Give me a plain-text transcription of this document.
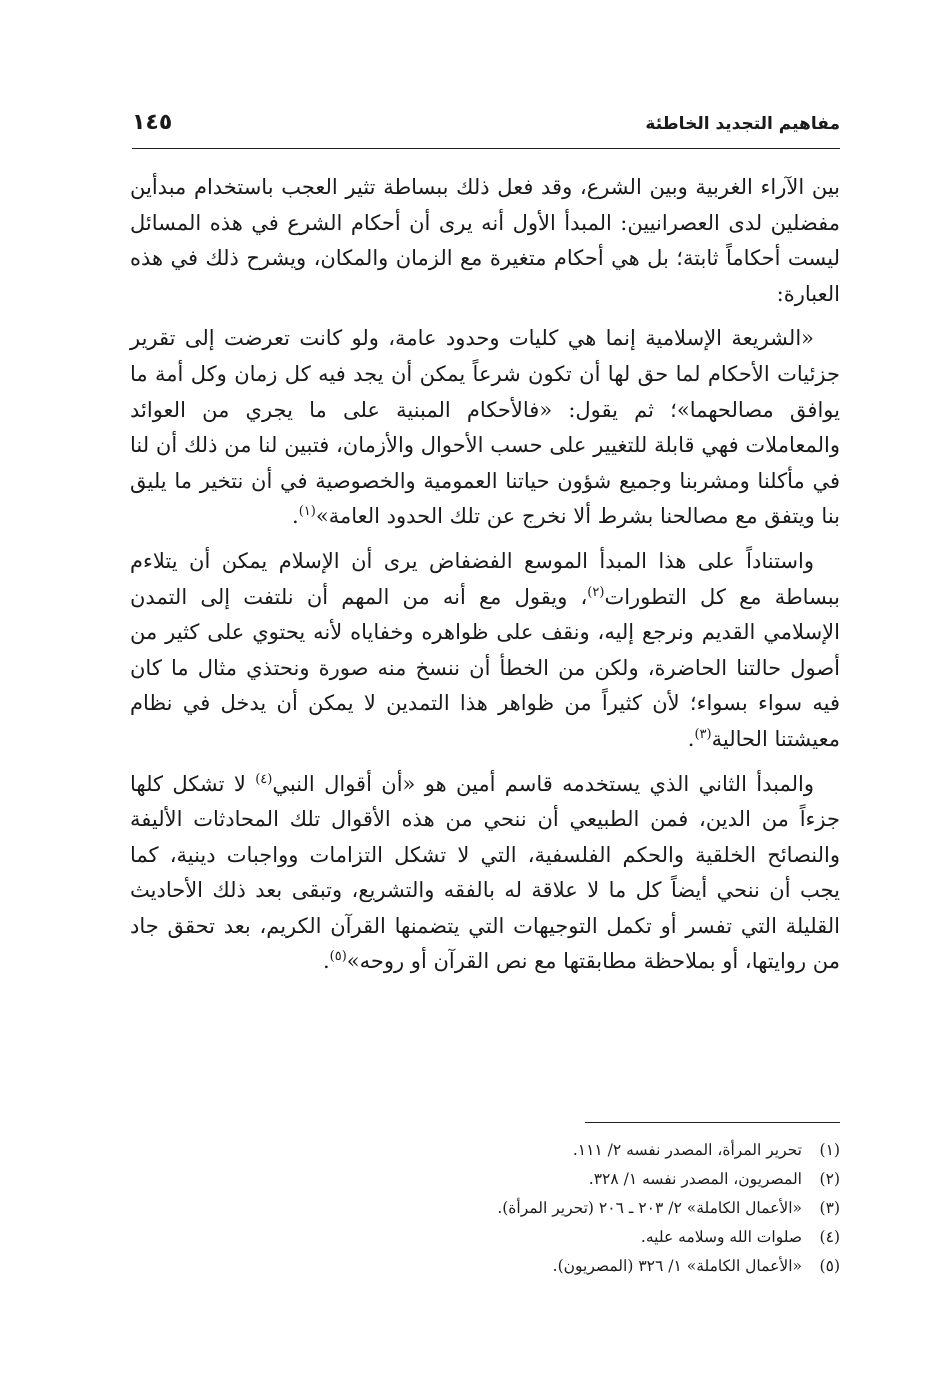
مفاهيم التجديد الخاطئة
١٤٥

بين الآراء الغربية وبين الشرع، وقد فعل ذلك ببساطة تثير العجب باستخدام مبدأين مفضلين لدى العصرانيين: المبدأ الأول أنه يرى أن أحكام الشرع في هذه المسائل ليست أحكاماً ثابتة؛ بل هي أحكام متغيرة مع الزمان والمكان، ويشرح ذلك في هذه العبارة:

«الشريعة الإسلامية إنما هي كليات وحدود عامة، ولو كانت تعرضت إلى تقرير جزئيات الأحكام لما حق لها أن تكون شرعاً يمكن أن يجد فيه كل زمان وكل أمة ما يوافق مصالحهما»؛ ثم يقول: «فالأحكام المبنية على ما يجري من العوائد والمعاملات فهي قابلة للتغيير على حسب الأحوال والأزمان، فتبين لنا من ذلك أن لنا في مأكلنا ومشربنا وجميع شؤون حياتنا العمومية والخصوصية في أن نتخير ما يليق بنا ويتفق مع مصالحنا بشرط ألا نخرج عن تلك الحدود العامة»$^{(١)}$.

واستناداً على هذا المبدأ الموسع الفضفاض يرى أن الإسلام يمكن أن يتلاءم ببساطة مع كل التطورات$^{(٢)}$، ويقول مع أنه من المهم أن نلتفت إلى التمدن الإسلامي القديم ونرجع إليه، ونقف على ظواهره وخفاياه لأنه يحتوي على كثير من أصول حالتنا الحاضرة، ولكن من الخطأ أن ننسخ منه صورة ونحتذي مثال ما كان فيه سواء بسواء؛ لأن كثيراً من ظواهر هذا التمدين لا يمكن أن يدخل في نظام معيشتنا الحالية$^{(٣)}$.

والمبدأ الثاني الذي يستخدمه قاسم أمين هو «أن أقوال النبي$^{(٤)}$ لا تشكل كلها جزءاً من الدين، فمن الطبيعي أن ننحي من هذه الأقوال تلك المحادثات الأليفة والنصائح الخلقية والحكم الفلسفية، التي لا تشكل التزامات وواجبات دينية، كما يجب أن ننحي أيضاً كل ما لا علاقة له بالفقه والتشريع، وتبقى بعد ذلك الأحاديث القليلة التي تفسر أو تكمل التوجيهات التي يتضمنها القرآن الكريم، بعد تحقق جاد من روايتها، أو بملاحظة مطابقتها مع نص القرآن أو روحه»$^{(٥)}$.

(١)
تحرير المرأة، المصدر نفسه ٢/ ١١١.
(٢)
المصريون، المصدر نفسه ١/ ٣٢٨.
(٣)
«الأعمال الكاملة» ٢/ ٢٠٣ ـ ٢٠٦ (تحرير المرأة).
(٤)
صلوات الله وسلامه عليه.
(٥)
«الأعمال الكاملة» ١/ ٣٢٦ (المصريون).
